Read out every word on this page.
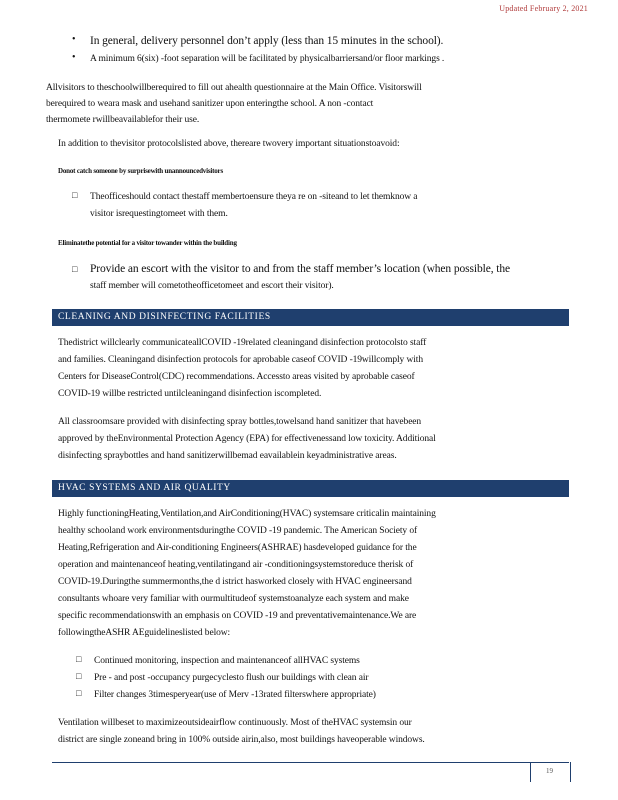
Updated February 2, 2021
• In general, delivery personnel don’t apply (less than 15 minutes in the school).
• A minimum 6(six) -foot separation will be facilitated by physicalbarriersand/or floor markings .
Allvisitors to theschoolwillberequired to fill out ahealth questionnaire at the Main Office. Visitorswill
berequired to weara mask and usehand sanitizer upon enteringthe school. A non -contact
thermomete rwillbeavailablefor their use.
In addition to thevisitor protocolslisted above, thereare twovery important situationstoavoid:
Donot catch someone by surprisewith unannouncedvisitors
□ Theofficeshould contact thestaff membertoensure theya re on -siteand to let themknow a
visitor isrequestingtomeet with them.
Eliminatethe potential for a visitor towander within the building
□ Provide an escort with the visitor to and from the staff member’s location (when possible, the
staff member will cometotheofficetomeet and escort their visitor).
CLEANING AND DISINFECTING FACILITIES
Thedistrict willclearly communicateallCOVID -19related cleaningand disinfection protocolsto staff
and families. Cleaningand disinfection protocols for aprobable caseof COVID -19willcomply with
Centers for DiseaseControl(CDC) recommendations. Accessto areas visited by aprobable caseof
COVID-19 willbe restricted untilcleaningand disinfection iscompleted.
All classroomsare provided with disinfecting spray bottles,towelsand hand sanitizer that havebeen
approved by theEnvironmental Protection Agency (EPA) for effectivenessand low toxicity. Additional
disinfecting spraybottles and hand sanitizerwillbemad eavailablein keyadministrative areas.
HVAC SYSTEMS AND AIR QUALITY
Highly functioningHeating,Ventilation,and AirConditioning(HVAC) systemsare criticalin maintaining
healthy schooland work environmentsduringthe COVID -19 pandemic. The American Society of
Heating,Refrigeration and Air-conditioning Engineers(ASHRAE) hasdeveloped guidance for the
operation and maintenanceof heating,ventilatingand air -conditioningsystemstoreduce therisk of
COVID-19.Duringthe summermonths,the d istrict hasworked closely with HVAC engineersand
consultants whoare very familiar with ourmultitudeof systemstoanalyze each system and make
specific recommendationswith an emphasis on COVID -19 and preventativemaintenance.We are
followingtheASHR AEguidelineslisted below:
□ Continued monitoring, inspection and maintenanceof allHVAC systems
□ Pre - and post -occupancy purgecyclesto flush our buildings with clean air
□ Filter changes 3timesperyear(use of Merv -13rated filterswhere appropriate)
Ventilation willbeset to maximizeoutsideairflow continuously. Most of theHVAC systemsin our
district are single zoneand bring in 100% outside airin,also, most buildings haveoperable windows.
19
